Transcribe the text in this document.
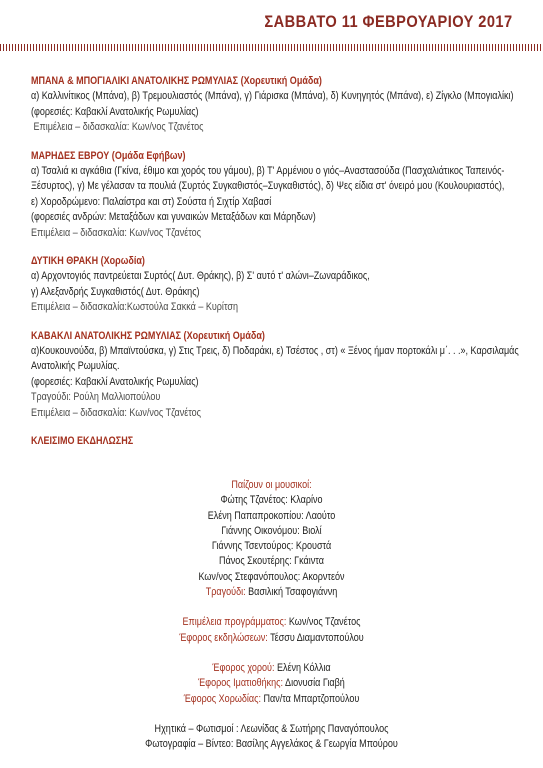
ΣΑΒΒΑΤΟ 11 ΦΕΒΡΟΥΑΡΙΟΥ 2017
ΜΠΑΝΑ & ΜΠΟΓΙΑΛΙΚΙ ΑΝΑΤΟΛΙΚΗΣ ΡΩΜΥΛΙΑΣ (Χορευτική Ομάδα)
α) Καλλινίτικος (Μπάνα), β) Τρεμουλιαστός (Μπάνα), γ) Γιάρισκα (Μπάνα), δ) Κυνηγητός (Μπάνα), ε) Ζίγκλο (Μπογιαλίκι)
(φορεσιές: Καβακλί Ανατολικής Ρωμυλίας)
Επιμέλεια – διδασκαλία: Κων/νος Τζανέτος
ΜΑΡΗΔΕΣ ΕΒΡΟΥ (Ομάδα Εφήβων)
α) Τσαλιά κι αγκάθια (Γκίνα, έθιμο και χορός του γάμου), β) Τ' Αρμένιου ο γιός–Αναστασούδα (Πασχαλιάτικος Ταπεινός-
Ξέσυρτος), γ) Με γέλασαν τα πουλιά (Συρτός Συγκαθιστός–Συγκαθιστός), δ) Ψες είδια στ' όνειρό μου (Κουλουριαστός),
ε) Χοροδρώμενο: Παλαίστρα και στ) Σούστα ή Σιχτίρ Χαβασί
(φορεσιές ανδρών: Μεταξάδων και γυναικών Μεταξάδων και Μάρηδων)
Επιμέλεια – διδασκαλία: Κων/νος Τζανέτος
ΔΥΤΙΚΗ ΘΡΑΚΗ (Χορωδία)
α) Αρχοντογιός παντρεύεται Συρτός( Δυτ. Θράκης), β) Σ' αυτό τ' αλώνι–Ζωναράδικος,
γ) Αλεξανδρής Συγκαθιστός( Δυτ. Θράκης)
Επιμέλεια – διδασκαλία:Κωστούλα Σακκά – Κυρίτση
ΚΑΒΑΚΛΙ ΑΝΑΤΟΛΙΚΗΣ ΡΩΜΥΛΙΑΣ (Χορευτική Ομάδα)
α)Κουκουνούδα, β) Μπαϊντούσκα, γ) Στις Τρεις, δ) Ποδαράκι, ε) Τσέστος , στ) « Ξένος ήμαν πορτοκάλι μ΄. . .», Καρσιλαμάς
Ανατολικής Ρωμυλίας.
(φορεσιές: Καβακλί Ανατολικής Ρωμυλίας)
Τραγούδι: Ρούλη Μαλλιοπούλου
Επιμέλεια – διδασκαλία: Κων/νος Τζανέτος
ΚΛΕΙΣΙΜΟ ΕΚΔΗΛΩΣΗΣ
Παίζουν οι μουσικοί:
Φώτης Τζανέτος: Κλαρίνο
Ελένη Παπαπροκοπίου: Λαούτο
Γιάννης Οικονόμου: Βιολί
Γιάννης Τσεντούρος: Κρουστά
Πάνος Σκουτέρης: Γκάιντα
Κων/νος Στεφανόπουλος: Ακορντεόν
Τραγούδι: Βασιλική Τσαφογιάννη
Επιμέλεια προγράμματος: Κων/νος Τζανέτος
Έφορος εκδηλώσεων: Τέσσυ Διαμαντοπούλου
Έφορος χορού: Ελένη Κόλλια
Έφορος Ιματιοθήκης: Διονυσία Γιαβή
Έφορος Χορωδίας: Παν/τα Μπαρτζοπούλου
Ηχητικά – Φωτισμοί : Λεωνίδας & Σωτήρης Παναγόπουλος
Φωτογραφία – Βίντεο: Βασίλης Αγγελάκος & Γεωργία Μπούρου
